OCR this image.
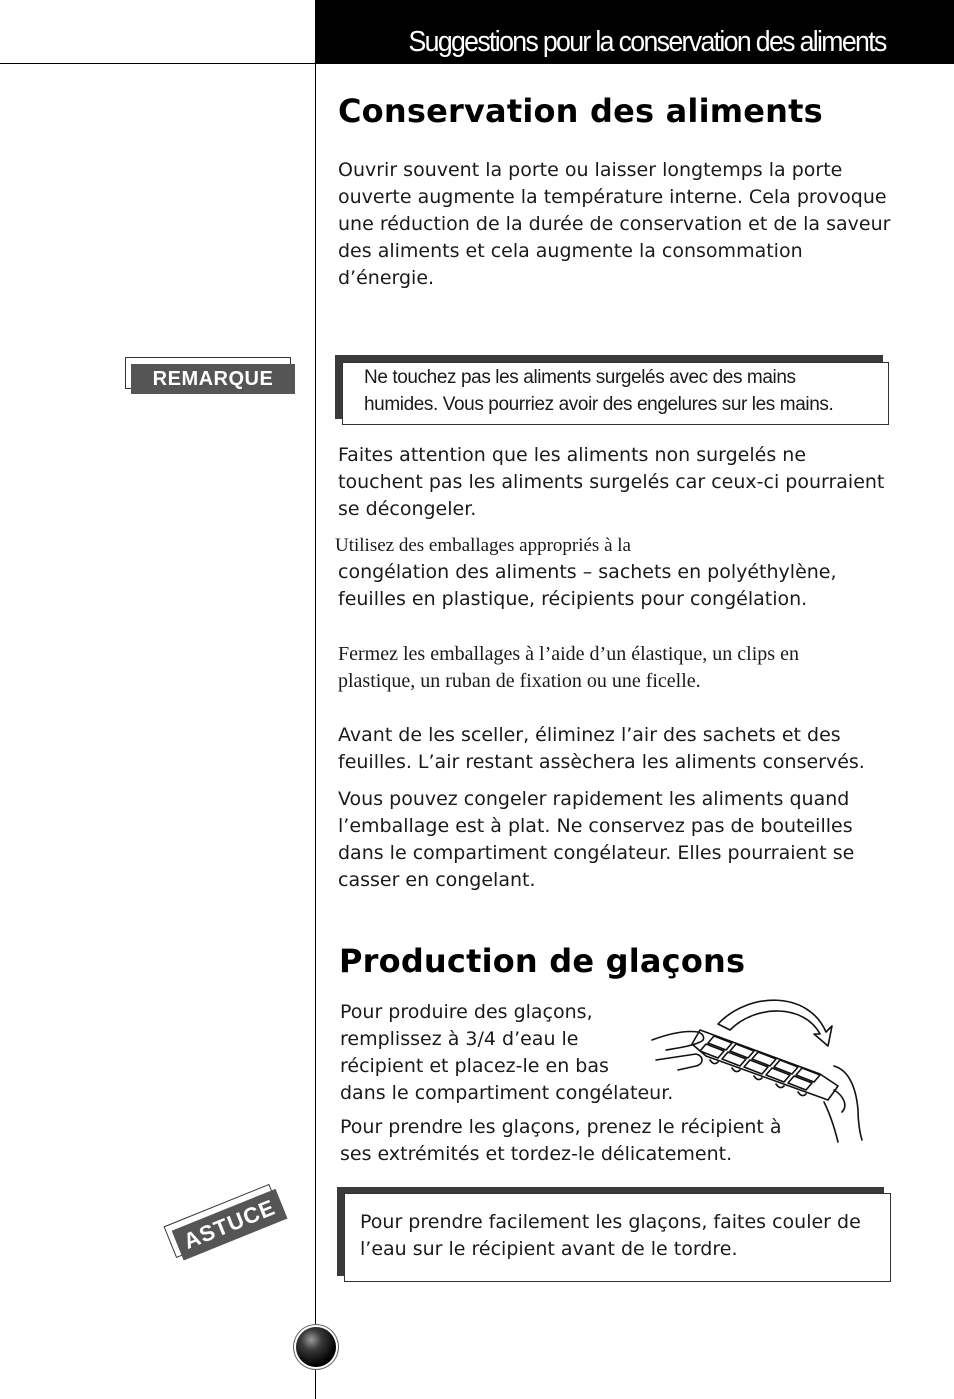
Suggestions pour la conservation des aliments
Conservation des aliments
Ouvrir souvent la porte ou laisser longtemps la porte
ouverte augmente la température interne. Cela provoque
une réduction de la durée de conservation et de la saveur
des aliments et cela augmente la consommation
d’énergie.
REMARQUE	Ne touchez pas les aliments surgelés avec des mains
humides. Vous pourriez avoir des engelures sur les mains.
Faites attention que les aliments non surgelés ne
touchent pas les aliments surgelés car ceux-ci pourraient
se décongeler.
Utilisez des emballages appropriés à la
congélation des aliments – sachets en polyéthylène,
feuilles en plastique, récipients pour congélation.
Fermez les emballages à l’aide d’un élastique, un clips en
plastique, un ruban de fixation ou une ficelle.
Avant de les sceller, éliminez l’air des sachets et des
feuilles. L’air restant assèchera les aliments conservés.
Vous pouvez congeler rapidement les aliments quand
l’emballage est à plat. Ne conservez pas de bouteilles
dans le compartiment congélateur. Elles pourraient se
casser en congelant.
Production de glaçons
Pour produire des glaçons,
remplissez à 3/4 d’eau le
récipient et placez-le en bas
dans le compartiment congélateur.
Pour prendre les glaçons, prenez le récipient à
ses extrémités et tordez-le délicatement.
ASTUCE	Pour prendre facilement les glaçons, faites couler de
l’eau sur le récipient avant de le tordre.
